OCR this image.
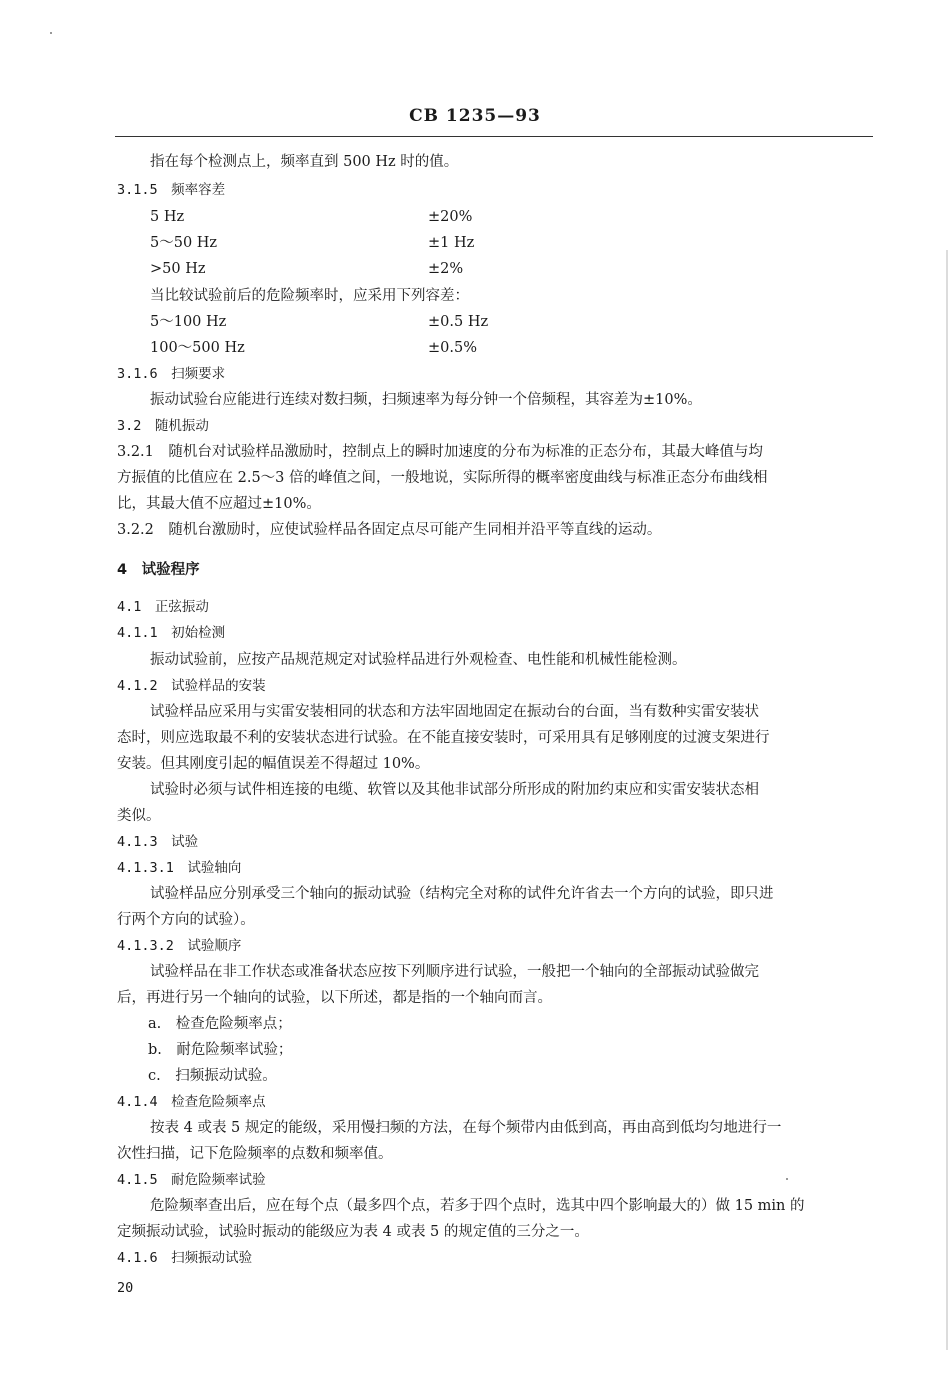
CB 1235—93
指在每个检测点上，频率直到 500 Hz 时的值。
3.1.5　频率容差
5 Hz	±20%
5～50 Hz	±1 Hz
>50 Hz	±2%
当比较试验前后的危险频率时，应采用下列容差：
5～100 Hz	±0.5 Hz
100～500 Hz	±0.5%
3.1.6　扫频要求
振动试验台应能进行连续对数扫频，扫频速率为每分钟一个倍频程，其容差为±10%。
3.2　随机振动
3.2.1　随机台对试验样品激励时，控制点上的瞬时加速度的分布为标准的正态分布，其最大峰值与均
方振值的比值应在 2.5～3 倍的峰值之间，一般地说，实际所得的概率密度曲线与标准正态分布曲线相
比，其最大值不应超过±10%。
3.2.2　随机台激励时，应使试验样品各固定点尽可能产生同相并沿平等直线的运动。
4　试验程序
4.1　正弦振动
4.1.1　初始检测
振动试验前，应按产品规范规定对试验样品进行外观检查、电性能和机械性能检测。
4.1.2　试验样品的安装
试验样品应采用与实雷安装相同的状态和方法牢固地固定在振动台的台面，当有数种实雷安装状
态时，则应选取最不利的安装状态进行试验。在不能直接安装时，可采用具有足够刚度的过渡支架进行
安装。但其刚度引起的幅值误差不得超过 10%。
试验时必须与试件相连接的电缆、软管以及其他非试部分所形成的附加约束应和实雷安装状态相
类似。
4.1.3　试验
4.1.3.1　试验轴向
试验样品应分别承受三个轴向的振动试验（结构完全对称的试件允许省去一个方向的试验，即只进
行两个方向的试验）。
4.1.3.2　试验顺序
试验样品在非工作状态或准备状态应按下列顺序进行试验，一般把一个轴向的全部振动试验做完
后，再进行另一个轴向的试验，以下所述，都是指的一个轴向而言。
a.　检查危险频率点；
b.　耐危险频率试验；
c.　扫频振动试验。
4.1.4　检查危险频率点
按表 4 或表 5 规定的能级，采用慢扫频的方法，在每个频带内由低到高，再由高到低均匀地进行一
次性扫描，记下危险频率的点数和频率值。
4.1.5　耐危险频率试验
危险频率查出后，应在每个点（最多四个点，若多于四个点时，选其中四个影响最大的）做 15 min 的
定频振动试验，试验时振动的能级应为表 4 或表 5 的规定值的三分之一。
4.1.6　扫频振动试验
20
